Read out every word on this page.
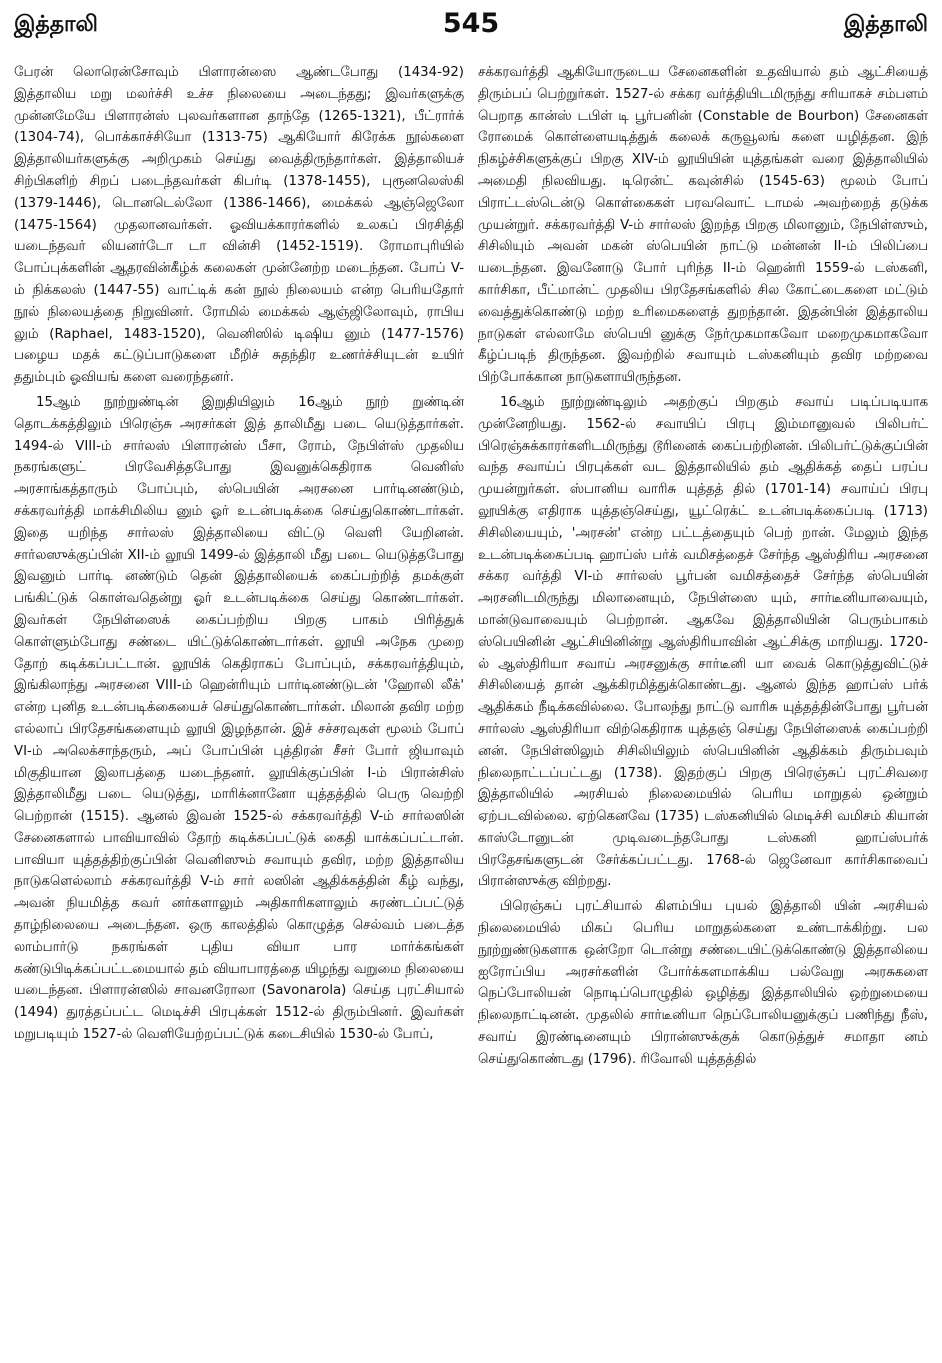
இத்தாலி	545	இத்தாலி

பேரன் லொரென்சோவும் பிளாரன்ஸை ஆண்டபோது (1434-92) இத்தாலிய மறு மலர்ச்சி உச்ச நிலையை அடைந்தது; இவர்களுக்கு முன்னமேயே பிளாரன்ஸ் புலவர்களான தாந்தே (1265-1321), பீட்ரார்க் (1304-74), பொக்காச்சியோ (1313-75) ஆகியோர் கிரேக்க நூல்களை இத்தாலியர்களுக்கு அறிமுகம் செய்து வைத்திருந்தார்கள். இத்தாலியச் சிற்பிகளிற் சிறப் படைந்தவர்கள் கிபர்டி (1378-1455), புரூனலெஸ்கி (1379-1446), டொனடெல்லோ (1386-1466), மைக்கல் ஆஞ்ஜெலோ (1475-1564) முதலானவர்கள். ஓவியக்காரர்களில் உலகப் பிரசித்தி யடைந்தவர் லியனர்டோ டா வின்சி (1452-1519). ரோமாபுரியில் போப்புக்களின் ஆதரவின்கீழ்க் கலைகள் முன்னேற்ற மடைந்தன. போப் V-ம் நிக்கலஸ் (1447-55) வாட்டிக் கன் நூல் நிலையம் என்ற பெரியதோர் நூல் நிலையத்தை நிறுவினர். ரோமில் மைக்கல் ஆஞ்ஜிலோவும், ராபிய லும் (Raphael, 1483-1520), வெனிஸில் டிஷிய னும் (1477-1576) பழைய மதக் கட்டுப்பாடுகளை மீறிச் சுதந்திர உணர்ச்சியுடன் உயிர் ததும்பும் ஓவியங் களை வரைந்தனர்.

15ஆம் நூற்றுண்டின் இறுதியிலும் 16ஆம் நூற் றுண்டின் தொடக்கத்திலும் பிரெஞ்சு அரசர்கள் இத் தாலிமீது படை யெடுத்தார்கள். 1494-ல் VIII-ம் சார்லஸ் பிளாரன்ஸ் பீசா, ரோம், நேபிள்ஸ் முதலிய நகரங்களுட் பிரவேசித்தபோது இவனுக்கெதிராக வெனிஸ் அரசாங்கத்தாரும் போப்பும், ஸ்பெயின் அரசனை பார்டினண்டும், சக்கரவர்த்தி மாக்சிமிலிய னும் ஓர் உடன்படிக்கை செய்துகொண்டார்கள். இதை யறிந்த சார்லஸ் இத்தாலியை விட்டு வெளி யேறினன். சார்லஸுக்குப்பின் XII-ம் லூயி 1499-ல் இத்தாலி மீது படை யெடுத்தபோது இவனும் பார்டி னண்டும் தென் இத்தாலியைக் கைப்பற்றித் தமக்குள் பங்கிட்டுக் கொள்வதென்று ஓர் உடன்படிக்கை செய்து கொண்டார்கள். இவர்கள் நேபிள்ஸைக் கைப்பற்றிய பிறகு பாகம் பிரித்துக் கொள்ளும்போது சண்டை யிட்டுக்கொண்டார்கள். லூயி அநேக முறை தோற் கடிக்கப்பட்டான். லூயிக் கெதிராகப் போப்பும், சக்கரவர்த்தியும், இங்கிலாந்து அரசனை VIII-ம் ஹென்ரியும் பார்டினண்டுடன் 'ஹோலி லீக்' என்ற புனித உடன்படிக்கையைச் செய்துகொண்டார்கள். மிலான் தவிர மற்ற எல்லாப் பிரதேசங்களையும் லூயி இழந்தான். இச் சச்சரவுகள் மூலம் போப் VI-ம் அலெக்சாந்தரும், அப் போப்பின் புத்திரன் சீசர் போர் ஜியாவும் மிகுதியான இலாபத்தை யடைந்தனர். லூயிக்குப்பின் I-ம் பிரான்சிஸ் இத்தாலிமீது படை யெடுத்து, மாரிக்னானோ யுத்தத்தில் பெரு வெற்றி பெற்றான் (1515). ஆனல் இவன் 1525-ல் சக்கரவர்த்தி V-ம் சார்லஸின் சேனைகளால் பாவியாவில் தோற் கடிக்கப்பட்டுக் கைதி யாக்கப்பட்டான். பாவியா யுத்தத்திற்குப்பின் வெனிஸும் சவாயும் தவிர, மற்ற இத்தாலிய நாடுகளெல்லாம் சக்கரவர்த்தி V-ம் சார் லஸின் ஆதிக்கத்தின் கீழ் வந்து, அவன் நியமித்த கவர் னர்களாலும் அதிகாரிகளாலும் சுரண்டப்பட்டுத் தாழ்நிலையை அடைந்தன. ஒரு காலத்தில் கொழுத்த செல்வம் படைத்த லாம்பார்டு நகரங்கள் புதிய வியா பார மார்க்கங்கள் கண்டுபிடிக்கப்பட்டமையால் தம் வியாபாரத்தை யிழந்து வறுமை நிலையை யடைந்தன. பிளாரன்ஸில் சாவனரோலா (Savonarola) செய்த புரட்சியால் (1494) துரத்தப்பட்ட மெடிச்சி பிரபுக்கள் 1512-ல் திரும்பினர். இவர்கள் மறுபடியும் 1527-ல் வெளியேற்றப்பட்டுக் கடைசியில் 1530-ல் போப்,

சக்கரவர்த்தி ஆகியோருடைய சேனைகளின் உதவியால் தம் ஆட்சியைத் திரும்பப் பெற்றுர்கள். 1527-ல் சக்கர வர்த்தியிடமிருந்து சரியாகச் சம்பளம் பெறாத கான்ஸ் டபிள் டி பூர்பனின் (Constable de Bourbon) சேனைகள் ரோமைக் கொள்ளையடித்துக் கலைக் கருவூலங் களை யழித்தன. இந் நிகழ்ச்சிகளுக்குப் பிறகு XIV-ம் லூயியின் யுத்தங்கள் வரை இத்தாலியில் அமைதி நிலவியது. டிரென்ட் கவுன்சில் (1545-63) மூலம் போப் பிராட்டஸ்டென்டு கொள்கைகள் பரவவொட் டாமல் அவற்றைத் தடுக்க முயன்றுர். சக்கரவர்த்தி V-ம் சார்லஸ் இறந்த பிறகு மிலானும், நேபிள்ஸும், சிசிலியும் அவன் மகன் ஸ்பெயின் நாட்டு மன்னன் II-ம் பிலிப்பை யடைந்தன. இவனோடு போர் புரிந்த II-ம் ஹென்ரி 1559-ல் டஸ்கனி, கார்சிகா, பீட்மான்ட் முதலிய பிரதேசங்களில் சில கோட்டைகளை மட்டும் வைத்துக்கொண்டு மற்ற உரிமைகளைத் துறந்தான். இதன்பின் இத்தாலிய நாடுகள் எல்லாமே ஸ்பெயி னுக்கு நேர்முகமாகவோ மறைமுகமாகவோ கீழ்ப்படிந் திருந்தன. இவற்றில் சவாயும் டஸ்கனியும் தவிர மற்றவை பிற்போக்கான நாடுகளாயிருந்தன.

16ஆம் நூற்றுண்டிலும் அதற்குப் பிறகும் சவாய் படிப்படியாக முன்னேறியது. 1562-ல் சவாயிப் பிரபு இம்மானுவல் பிலிபர்ட் பிரெஞ்சுக்காரர்களிடமிருந்து டூரினைக் கைப்பற்றினன். பிலிபர்ட்டுக்குப்பின் வந்த சவாய்ப் பிரபுக்கள் வட இத்தாலியில் தம் ஆதிக்கத் தைப் பரப்ப முயன்றுர்கள். ஸ்பானிய வாரிசு யுத்தத் தில் (1701-14) சவாய்ப் பிரபு லூயிக்கு எதிராக யுத்தஞ்செய்து, யூட்ரெக்ட் உடன்படிக்கைப்படி (1713) சிசிலியையும், 'அரசன்' என்ற பட்டத்தையும் பெற் றான். மேலும் இந்த உடன்படிக்கைப்படி ஹாப்ஸ் பர்க் வமிசத்தைச் சேர்ந்த ஆஸ்திரிய அரசனை சக்கர வர்த்தி VI-ம் சார்லஸ் பூர்பன் வமிசத்தைச் சேர்ந்த ஸ்பெயின் அரசனிடமிருந்து மிலானையும், நேபிள்ஸை யும், சார்டீனியாவையும், மான்டுவாவையும் பெற்றான். ஆகவே இத்தாலியின் பெரும்பாகம் ஸ்பெயினின் ஆட்சியினின்று ஆஸ்திரியாவின் ஆட்சிக்கு மாறியது. 1720-ல் ஆஸ்திரியா சவாய் அரசனுக்கு சார்டீனி யா வைக் கொடுத்துவிட்டுச் சிசிலியைத் தான் ஆக்கிரமித்துக்கொண்டது. ஆனல் இந்த ஹாப்ஸ் பர்க் ஆதிக்கம் நீடிக்கவில்லை. போலந்து நாட்டு வாரிசு யுத்தத்தின்போது பூர்பன் சார்லஸ் ஆஸ்திரியா விற்கெதிராக யுத்தஞ் செய்து நேபிள்ஸைக் கைப்பற்றி னன். நேபிள்ஸிலும் சிசிலியிலும் ஸ்பெயினின் ஆதிக்கம் திரும்பவும் நிலைநாட்டப்பட்டது (1738). இதற்குப் பிறகு பிரெஞ்சுப் புரட்சிவரை இத்தாலியில் அரசியல் நிலைமையில் பெரிய மாறுதல் ஒன்றும் ஏற்படவில்லை. ஏற்கெனவே (1735) டஸ்கனியில் மெடிச்சி வமிசம் கியான் காஸ்டோனுடன் முடிவடைந்தபோது டஸ்கனி ஹாப்ஸ்பர்க் பிரதேசங்களுடன் சேர்க்கப்பட்டது. 1768-ல் ஜெனேவா கார்சிகாவைப் பிரான்ஸுக்கு விற்றது.

பிரெஞ்சுப் புரட்சியால் கிளம்பிய புயல் இத்தாலி யின் அரசியல் நிலைமையில் மிகப் பெரிய மாறுதல்களை உண்டாக்கிற்று. பல நூற்றுண்டுகளாக ஒன்றோ டொன்று சண்டையிட்டுக்கொண்டு இத்தாலியை ஐரோப்பிய அரசர்களின் போர்க்களமாக்கிய பல்வேறு அரசுகளை நெப்போலியன் நொடிப்பொழுதில் ஒழித்து இத்தாலியில் ஒற்றுமையை நிலைநாட்டினன். முதலில் சார்டீனியா நெப்போலியனுக்குப் பணிந்து நீஸ், சவாய் இரண்டினையும் பிரான்ஸுக்குக் கொடுத்துச் சமாதா னம் செய்துகொண்டது (1796). ரிவோலி யுத்தத்தில்
